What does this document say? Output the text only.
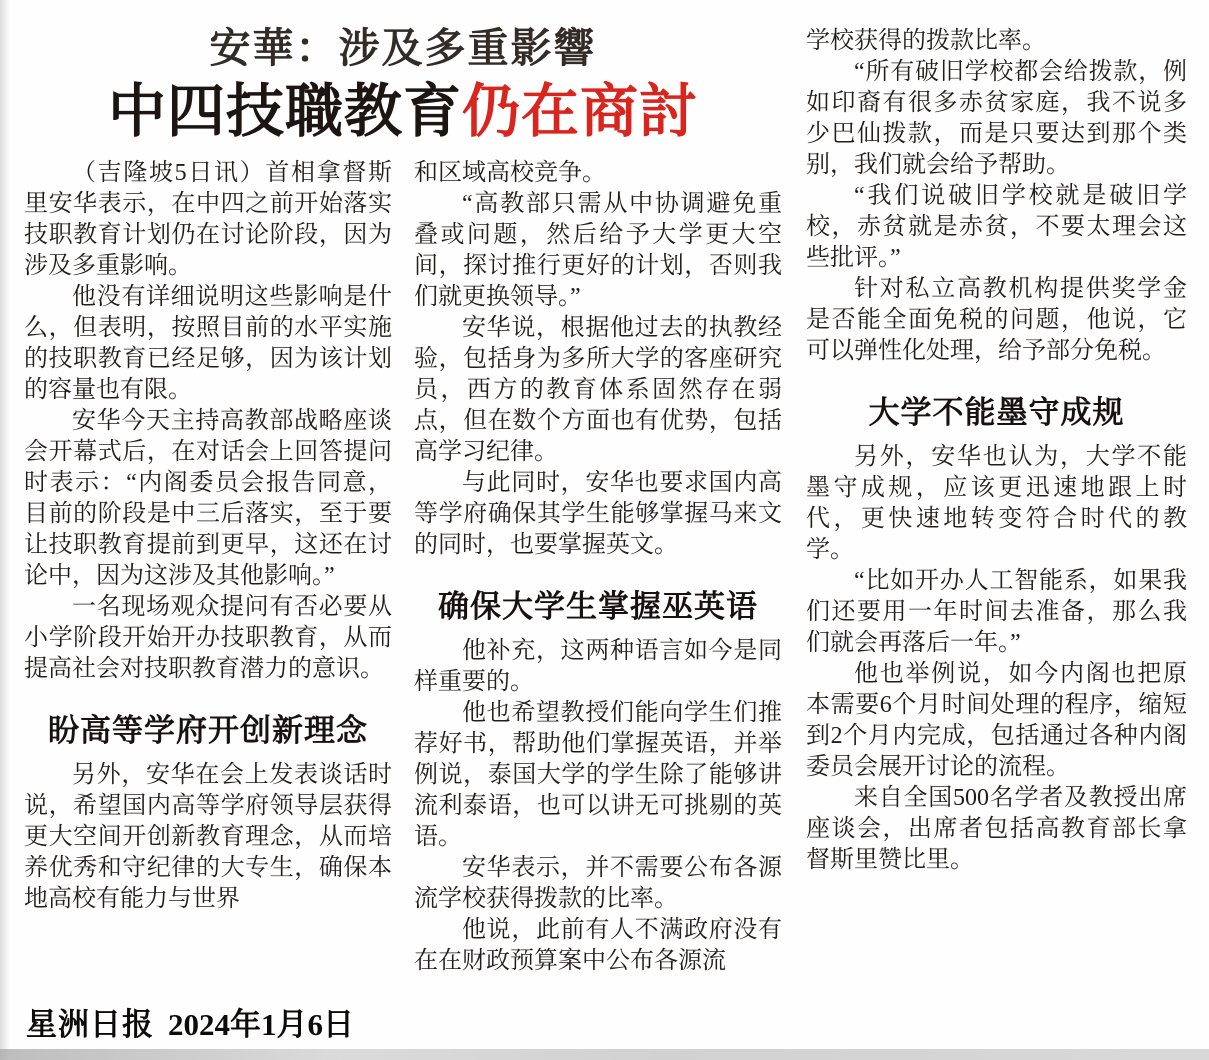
安華：涉及多重影響
中四技職教育仍在商討

（吉隆坡5日讯）首相拿督斯里安华表示，在中四之前开始落实技职教育计划仍在讨论阶段，因为涉及多重影响。

他没有详细说明这些影响是什么，但表明，按照目前的水平实施的技职教育已经足够，因为该计划的容量也有限。

安华今天主持高教部战略座谈会开幕式后，在对话会上回答提问时表示：“内阁委员会报告同意，目前的阶段是中三后落实，至于要让技职教育提前到更早，这还在讨论中，因为这涉及其他影响。”

一名现场观众提问有否必要从小学阶段开始开办技职教育，从而提高社会对技职教育潜力的意识。

盼高等学府开创新理念

另外，安华在会上发表谈话时说，希望国内高等学府领导层获得更大空间开创新教育理念，从而培养优秀和守纪律的大专生，确保本地高校有能力与世界

和区域高校竞争。

“高教部只需从中协调避免重叠或问题，然后给予大学更大空间，探讨推行更好的计划，否则我们就更换领导。”

安华说，根据他过去的执教经验，包括身为多所大学的客座研究员，西方的教育体系固然存在弱点，但在数个方面也有优势，包括高学习纪律。

与此同时，安华也要求国内高等学府确保其学生能够掌握马来文的同时，也要掌握英文。

确保大学生掌握巫英语

他补充，这两种语言如今是同样重要的。

他也希望教授们能向学生们推荐好书，帮助他们掌握英语，并举例说，泰国大学的学生除了能够讲流利泰语，也可以讲无可挑剔的英语。

安华表示，并不需要公布各源流学校获得拨款的比率。

他说，此前有人不满政府没有在在财政预算案中公布各源流

学校获得的拨款比率。

“所有破旧学校都会给拨款，例如印裔有很多赤贫家庭，我不说多少巴仙拨款，而是只要达到那个类别，我们就会给予帮助。

“我们说破旧学校就是破旧学校，赤贫就是赤贫，不要太理会这些批评。”

针对私立高教机构提供奖学金是否能全面免税的问题，他说，它可以弹性化处理，给予部分免税。

大学不能墨守成规

另外，安华也认为，大学不能墨守成规，应该更迅速地跟上时代，更快速地转变符合时代的教学。

“比如开办人工智能系，如果我们还要用一年时间去准备，那么我们就会再落后一年。”

他也举例说，如今内阁也把原本需要6个月时间处理的程序，缩短到2个月内完成，包括通过各种内阁委员会展开讨论的流程。

来自全国500名学者及教授出席座谈会，出席者包括高教育部长拿督斯里赞比里。

星洲日报 2024年1月6日
